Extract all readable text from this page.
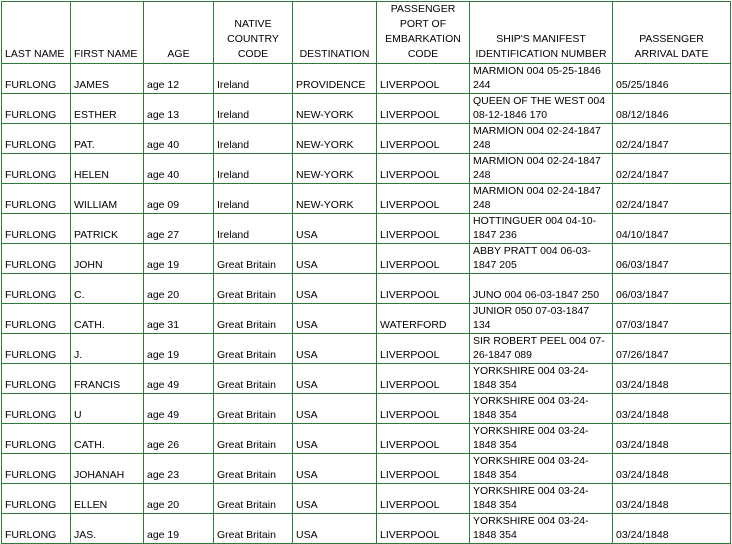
LAST NAME	FIRST NAME	AGE	NATIVE COUNTRY CODE	DESTINATION	PASSENGER PORT OF EMBARKATION CODE	SHIP'S MANIFEST IDENTIFICATION NUMBER	PASSENGER ARRIVAL DATE
FURLONG	JAMES	age 12	Ireland	PROVIDENCE	LIVERPOOL	MARMION 004 05-25-1846 244	05/25/1846
FURLONG	ESTHER	age 13	Ireland	NEW-YORK	LIVERPOOL	QUEEN OF THE WEST 004 08-12-1846 170	08/12/1846
FURLONG	PAT.	age 40	Ireland	NEW-YORK	LIVERPOOL	MARMION 004 02-24-1847 248	02/24/1847
FURLONG	HELEN	age 40	Ireland	NEW-YORK	LIVERPOOL	MARMION 004 02-24-1847 248	02/24/1847
FURLONG	WILLIAM	age 09	Ireland	NEW-YORK	LIVERPOOL	MARMION 004 02-24-1847 248	02/24/1847
FURLONG	PATRICK	age 27	Ireland	USA	LIVERPOOL	HOTTINGUER 004 04-10-1847 236	04/10/1847
FURLONG	JOHN	age 19	Great Britain	USA	LIVERPOOL	ABBY PRATT 004 06-03-1847 205	06/03/1847
FURLONG	C.	age 20	Great Britain	USA	LIVERPOOL	JUNO 004 06-03-1847 250	06/03/1847
FURLONG	CATH.	age 31	Great Britain	USA	WATERFORD	JUNIOR 050 07-03-1847 134	07/03/1847
FURLONG	J.	age 19	Great Britain	USA	LIVERPOOL	SIR ROBERT PEEL 004 07-26-1847 089	07/26/1847
FURLONG	FRANCIS	age 49	Great Britain	USA	LIVERPOOL	YORKSHIRE 004 03-24-1848 354	03/24/1848
FURLONG	U	age 49	Great Britain	USA	LIVERPOOL	YORKSHIRE 004 03-24-1848 354	03/24/1848
FURLONG	CATH.	age 26	Great Britain	USA	LIVERPOOL	YORKSHIRE 004 03-24-1848 354	03/24/1848
FURLONG	JOHANAH	age 23	Great Britain	USA	LIVERPOOL	YORKSHIRE 004 03-24-1848 354	03/24/1848
FURLONG	ELLEN	age 20	Great Britain	USA	LIVERPOOL	YORKSHIRE 004 03-24-1848 354	03/24/1848
FURLONG	JAS.	age 19	Great Britain	USA	LIVERPOOL	YORKSHIRE 004 03-24-1848 354	03/24/1848
